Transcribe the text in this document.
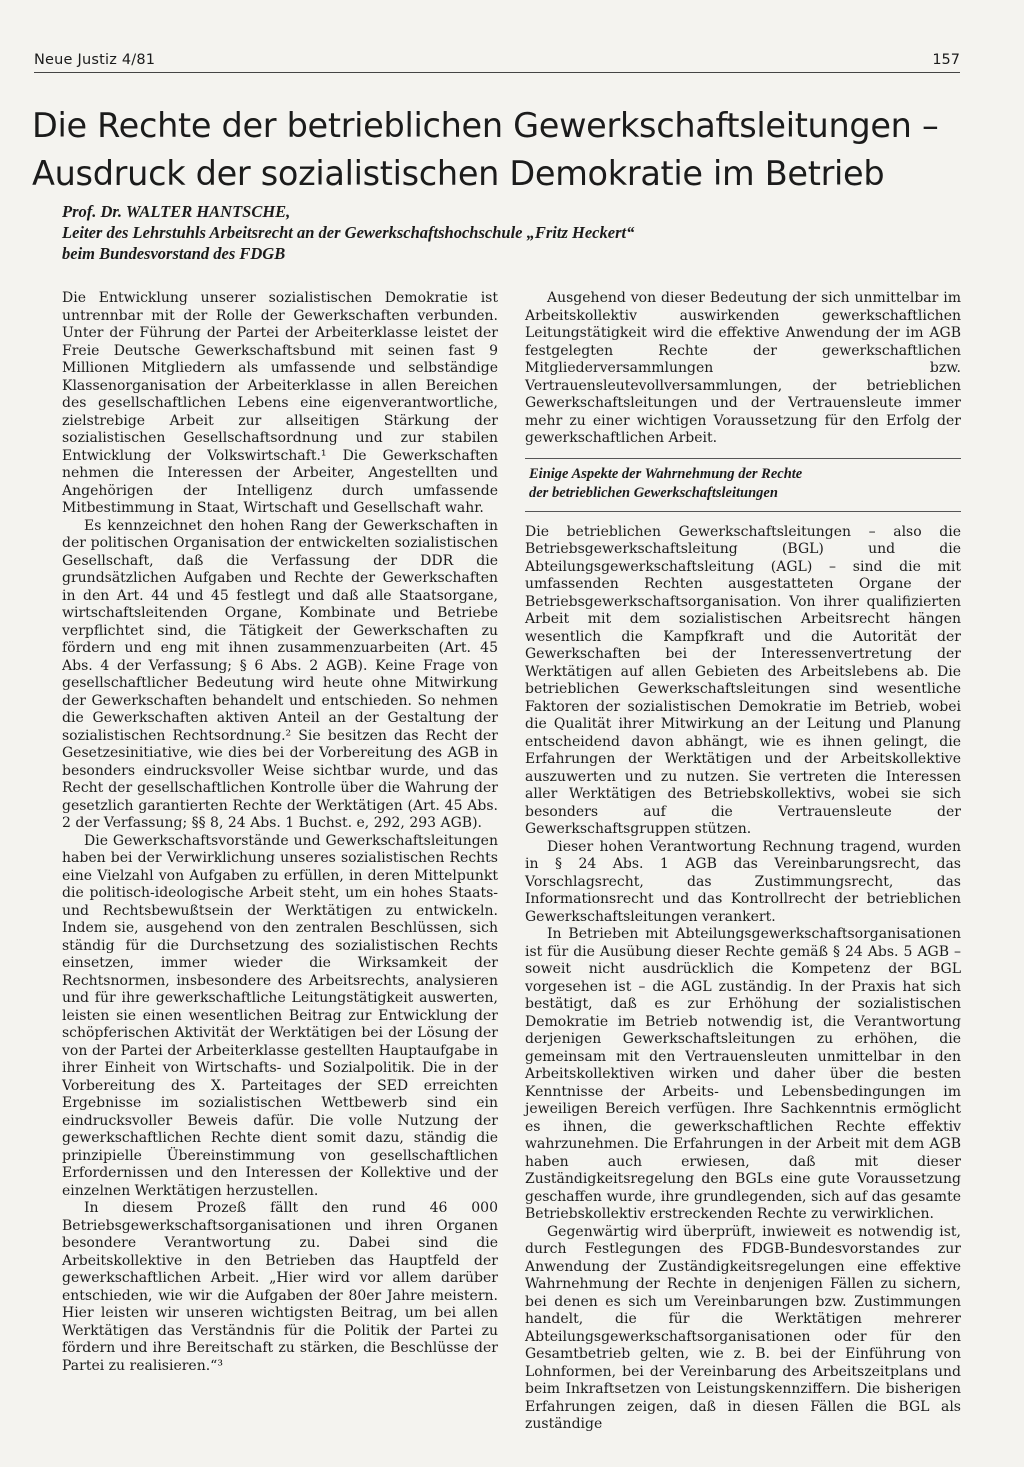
Neue Justiz 4/81	157
Die Rechte der betrieblichen Gewerkschaftsleitungen –
Ausdruck der sozialistischen Demokratie im Betrieb
Prof. Dr. WALTER HANTSCHE,
Leiter des Lehrstuhls Arbeitsrecht an der Gewerkschaftshochschule „Fritz Heckert“
beim Bundesvorstand des FDGB

Die Entwicklung unserer sozialistischen Demokratie ist untrennbar mit der Rolle der Gewerkschaften verbunden. Unter der Führung der Partei der Arbeiterklasse leistet der Freie Deutsche Gewerkschaftsbund mit seinen fast 9 Millionen Mitgliedern als umfassende und selbständige Klassenorganisation der Arbeiterklasse in allen Bereichen des gesellschaftlichen Lebens eine eigenverantwortliche, zielstrebige Arbeit zur allseitigen Stärkung der sozialistischen Gesellschaftsordnung und zur stabilen Entwicklung der Volkswirtschaft.¹ Die Gewerkschaften nehmen die Interessen der Arbeiter, Angestellten und Angehörigen der Intelligenz durch umfassende Mitbestimmung in Staat, Wirtschaft und Gesellschaft wahr.

Es kennzeichnet den hohen Rang der Gewerkschaften in der politischen Organisation der entwickelten sozialistischen Gesellschaft, daß die Verfassung der DDR die grundsätzlichen Aufgaben und Rechte der Gewerkschaften in den Art. 44 und 45 festlegt und daß alle Staatsorgane, wirtschaftsleitenden Organe, Kombinate und Betriebe verpflichtet sind, die Tätigkeit der Gewerkschaften zu fördern und eng mit ihnen zusammenzuarbeiten (Art. 45 Abs. 4 der Verfassung; § 6 Abs. 2 AGB). Keine Frage von gesellschaftlicher Bedeutung wird heute ohne Mitwirkung der Gewerkschaften behandelt und entschieden. So nehmen die Gewerkschaften aktiven Anteil an der Gestaltung der sozialistischen Rechtsordnung.² Sie besitzen das Recht der Gesetzesinitiative, wie dies bei der Vorbereitung des AGB in besonders eindrucksvoller Weise sichtbar wurde, und das Recht der gesellschaftlichen Kontrolle über die Wahrung der gesetzlich garantierten Rechte der Werktätigen (Art. 45 Abs. 2 der Verfassung; §§ 8, 24 Abs. 1 Buchst. e, 292, 293 AGB).

Die Gewerkschaftsvorstände und Gewerkschaftsleitungen haben bei der Verwirklichung unseres sozialistischen Rechts eine Vielzahl von Aufgaben zu erfüllen, in deren Mittelpunkt die politisch-ideologische Arbeit steht, um ein hohes Staats- und Rechtsbewußtsein der Werktätigen zu entwickeln. Indem sie, ausgehend von den zentralen Beschlüssen, sich ständig für die Durchsetzung des sozialistischen Rechts einsetzen, immer wieder die Wirksamkeit der Rechtsnormen, insbesondere des Arbeitsrechts, analysieren und für ihre gewerkschaftliche Leitungstätigkeit auswerten, leisten sie einen wesentlichen Beitrag zur Entwicklung der schöpferischen Aktivität der Werktätigen bei der Lösung der von der Partei der Arbeiterklasse gestellten Hauptaufgabe in ihrer Einheit von Wirtschafts- und Sozialpolitik. Die in der Vorbereitung des X. Parteitages der SED erreichten Ergebnisse im sozialistischen Wettbewerb sind ein eindrucksvoller Beweis dafür. Die volle Nutzung der gewerkschaftlichen Rechte dient somit dazu, ständig die prinzipielle Übereinstimmung von gesellschaftlichen Erfordernissen und den Interessen der Kollektive und der einzelnen Werktätigen herzustellen.

In diesem Prozeß fällt den rund 46 000 Betriebsgewerkschaftsorganisationen und ihren Organen besondere Verantwortung zu. Dabei sind die Arbeitskollektive in den Betrieben das Hauptfeld der gewerkschaftlichen Arbeit. „Hier wird vor allem darüber entschieden, wie wir die Aufgaben der 80er Jahre meistern. Hier leisten wir unseren wichtigsten Beitrag, um bei allen Werktätigen das Verständnis für die Politik der Partei zu fördern und ihre Bereitschaft zu stärken, die Beschlüsse der Partei zu realisieren.“³

Ausgehend von dieser Bedeutung der sich unmittelbar im Arbeitskollektiv auswirkenden gewerkschaftlichen Leitungstätigkeit wird die effektive Anwendung der im AGB festgelegten Rechte der gewerkschaftlichen Mitgliederversammlungen bzw. Vertrauensleutevollversammlungen, der betrieblichen Gewerkschaftsleitungen und der Vertrauensleute immer mehr zu einer wichtigen Voraussetzung für den Erfolg der gewerkschaftlichen Arbeit.

Einige Aspekte der Wahrnehmung der Rechte
der betrieblichen Gewerkschaftsleitungen

Die betrieblichen Gewerkschaftsleitungen – also die Betriebsgewerkschaftsleitung (BGL) und die Abteilungsgewerkschaftsleitung (AGL) – sind die mit umfassenden Rechten ausgestatteten Organe der Betriebsgewerkschaftsorganisation. Von ihrer qualifizierten Arbeit mit dem sozialistischen Arbeitsrecht hängen wesentlich die Kampfkraft und die Autorität der Gewerkschaften bei der Interessenvertretung der Werktätigen auf allen Gebieten des Arbeitslebens ab. Die betrieblichen Gewerkschaftsleitungen sind wesentliche Faktoren der sozialistischen Demokratie im Betrieb, wobei die Qualität ihrer Mitwirkung an der Leitung und Planung entscheidend davon abhängt, wie es ihnen gelingt, die Erfahrungen der Werktätigen und der Arbeitskollektive auszuwerten und zu nutzen. Sie vertreten die Interessen aller Werktätigen des Betriebskollektivs, wobei sie sich besonders auf die Vertrauensleute der Gewerkschaftsgruppen stützen.

Dieser hohen Verantwortung Rechnung tragend, wurden in § 24 Abs. 1 AGB das Vereinbarungsrecht, das Vorschlagsrecht, das Zustimmungsrecht, das Informationsrecht und das Kontrollrecht der betrieblichen Gewerkschaftsleitungen verankert.

In Betrieben mit Abteilungsgewerkschaftsorganisationen ist für die Ausübung dieser Rechte gemäß § 24 Abs. 5 AGB – soweit nicht ausdrücklich die Kompetenz der BGL vorgesehen ist – die AGL zuständig. In der Praxis hat sich bestätigt, daß es zur Erhöhung der sozialistischen Demokratie im Betrieb notwendig ist, die Verantwortung derjenigen Gewerkschaftsleitungen zu erhöhen, die gemeinsam mit den Vertrauensleuten unmittelbar in den Arbeitskollektiven wirken und daher über die besten Kenntnisse der Arbeits- und Lebensbedingungen im jeweiligen Bereich verfügen. Ihre Sachkenntnis ermöglicht es ihnen, die gewerkschaftlichen Rechte effektiv wahrzunehmen. Die Erfahrungen in der Arbeit mit dem AGB haben auch erwiesen, daß mit dieser Zuständigkeitsregelung den BGLs eine gute Voraussetzung geschaffen wurde, ihre grundlegenden, sich auf das gesamte Betriebskollektiv erstreckenden Rechte zu verwirklichen.

Gegenwärtig wird überprüft, inwieweit es notwendig ist, durch Festlegungen des FDGB-Bundesvorstandes zur Anwendung der Zuständigkeitsregelungen eine effektive Wahrnehmung der Rechte in denjenigen Fällen zu sichern, bei denen es sich um Vereinbarungen bzw. Zustimmungen handelt, die für die Werktätigen mehrerer Abteilungsgewerkschaftsorganisationen oder für den Gesamtbetrieb gelten, wie z. B. bei der Einführung von Lohnformen, bei der Vereinbarung des Arbeitszeitplans und beim Inkraftsetzen von Leistungskennziffern. Die bisherigen Erfahrungen zeigen, daß in diesen Fällen die BGL als zuständige
